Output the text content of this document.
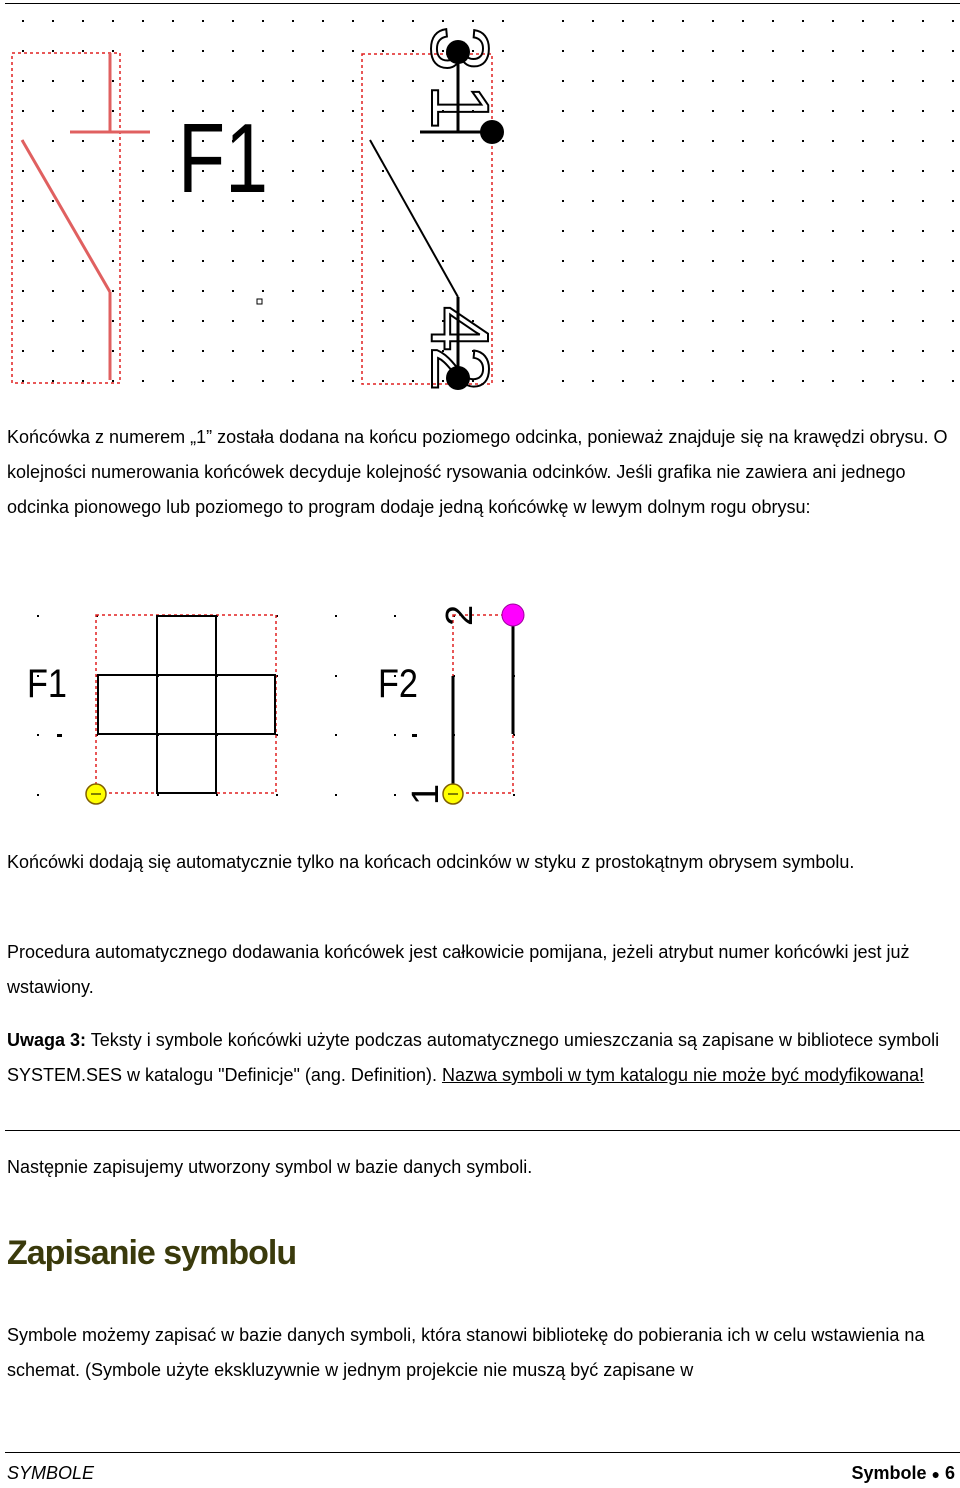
F1
3
1
2
4

Końcówka z numerem „1” została dodana na końcu poziomego odcinka, ponieważ znajduje się na krawędzi obrysu. O kolejności numerowania końcówek decyduje kolejność rysowania odcinków. Jeśli grafika nie zawiera ani jednego odcinka pionowego lub poziomego to program dodaje jedną końcówkę w lewym dolnym rogu obrysu:

F1	F2
2
1

Końcówki dodają się automatycznie tylko na końcach odcinków w styku z prostokątnym obrysem symbolu.

Procedura automatycznego dodawania końcówek jest całkowicie pomijana, jeżeli atrybut numer końcówki jest już wstawiony.

Uwaga 3: Teksty i symbole końcówki użyte podczas automatycznego umieszczania są zapisane w bibliotece symboli SYSTEM.SES w katalogu "Definicje" (ang. Definition). Nazwa symboli w tym katalogu nie może być modyfikowana!

Następnie zapisujemy utworzony symbol w bazie danych symboli.

Zapisanie symbolu

Symbole możemy zapisać w bazie danych symboli, która stanowi bibliotekę do pobierania ich w celu wstawienia na schemat. (Symbole użyte ekskluzywnie w jednym projekcie nie muszą być zapisane w

SYMBOLE	Symbole ● 6
